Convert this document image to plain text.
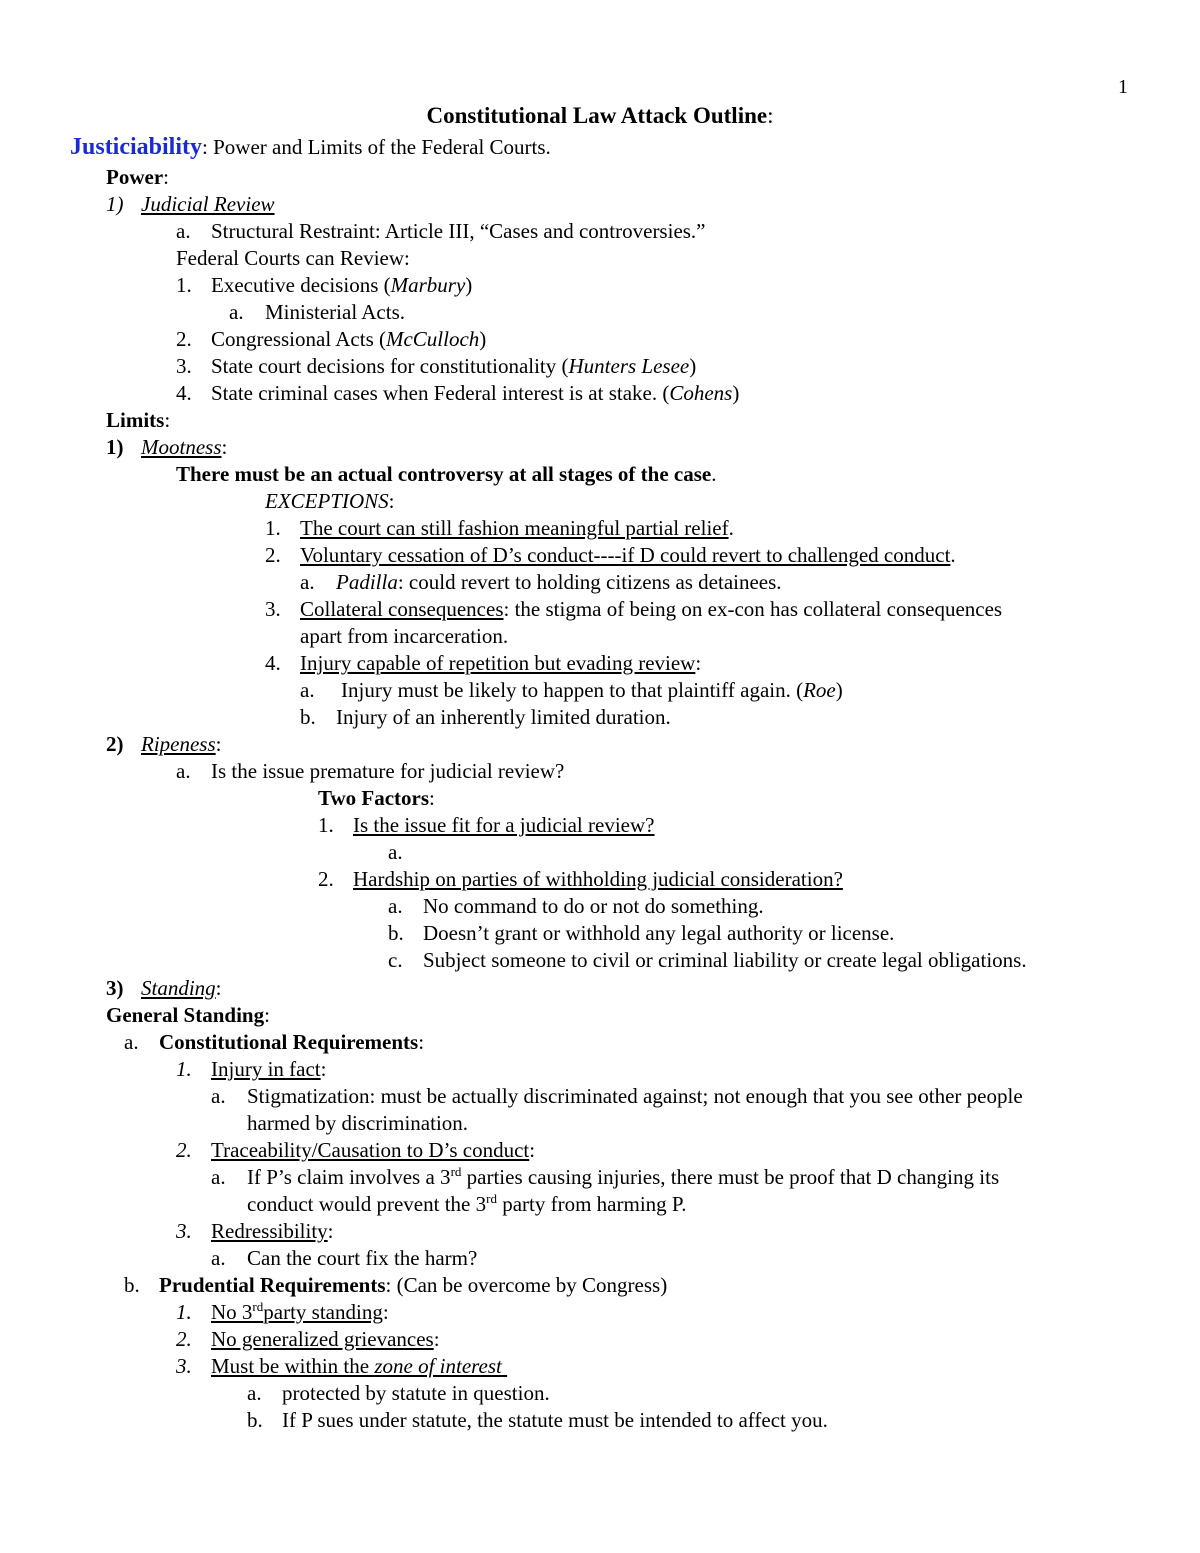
1
Constitutional Law Attack Outline:
Justiciability: Power and Limits of the Federal Courts.
Power:
1) Judicial Review
a. Structural Restraint: Article III, “Cases and controversies.”
Federal Courts can Review:
1. Executive decisions (Marbury)
a. Ministerial Acts.
2. Congressional Acts (McCulloch)
3. State court decisions for constitutionality (Hunters Lesee)
4. State criminal cases when Federal interest is at stake. (Cohens)
Limits:
1) Mootness:
There must be an actual controversy at all stages of the case.
EXCEPTIONS:
1. The court can still fashion meaningful partial relief.
2. Voluntary cessation of D’s conduct----if D could revert to challenged conduct.
a. Padilla: could revert to holding citizens as detainees.
3. Collateral consequences: the stigma of being on ex-con has collateral consequences
apart from incarceration.
4. Injury capable of repetition but evading review:
a. Injury must be likely to happen to that plaintiff again. (Roe)
b. Injury of an inherently limited duration.
2) Ripeness:
a. Is the issue premature for judicial review?
Two Factors:
1. Is the issue fit for a judicial review?
a.
2. Hardship on parties of withholding judicial consideration?
a. No command to do or not do something.
b. Doesn’t grant or withhold any legal authority or license.
c. Subject someone to civil or criminal liability or create legal obligations.
3) Standing:
General Standing:
a. Constitutional Requirements:
1. Injury in fact:
a. Stigmatization: must be actually discriminated against; not enough that you see other people
harmed by discrimination.
2. Traceability/Causation to D’s conduct:
a. If P’s claim involves a 3rd parties causing injuries, there must be proof that D changing its
conduct would prevent the 3rd party from harming P.
3. Redressibility:
a. Can the court fix the harm?
b. Prudential Requirements: (Can be overcome by Congress)
1. No 3rdparty standing:
2. No generalized grievances:
3. Must be within the zone of interest
a. protected by statute in question.
b. If P sues under statute, the statute must be intended to affect you.
